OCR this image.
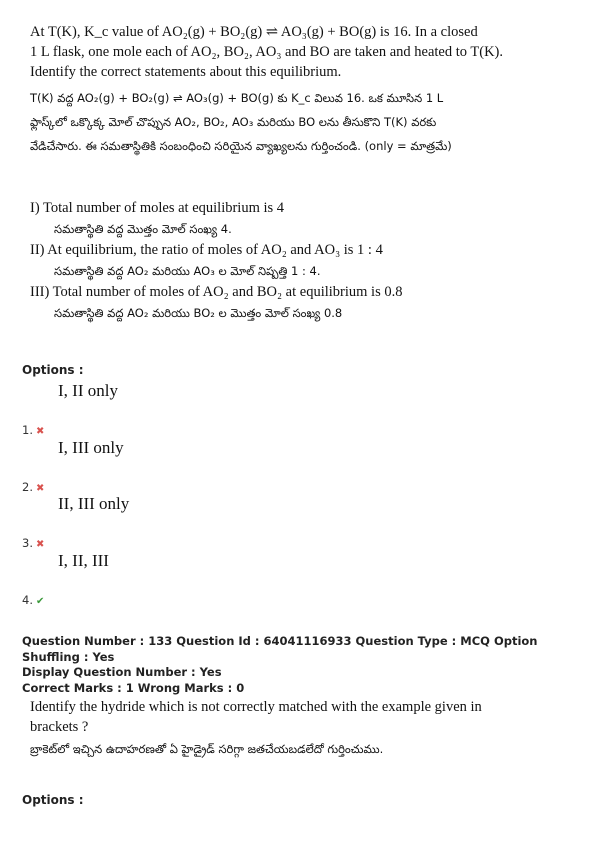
At T(K), K_c value of AO₂(g) + BO₂(g) ⇌ AO₃(g) + BO(g) is 16. In a closed

1 L flask, one mole each of AO₂, BO₂, AO₃ and BO are taken and heated to T(K).

Identify the correct statements about this equilibrium.

T(K) వద్ద AO₂(g) + BO₂(g) ⇌ AO₃(g) + BO(g) కు K_c విలువ 16. ఒక మూసిన 1 L

ఫ్లాస్క్‌లో ఒక్కొక్క మోల్ చొప్పున AO₂, BO₂, AO₃ మరియు BO లను తీసుకొని T(K) వరకు

వేడిచేసారు. ఈ సమతాస్థితికి సంబంధించి సరియైన వ్యాఖ్యలను గుర్తించండి. (only = మాత్రమే)

I) Total number of moles at equilibrium is 4

సమతాస్థితి వద్ద మొత్తం మోల్ సంఖ్య 4.

II) At equilibrium, the ratio of moles of AO₂ and AO₃ is 1 : 4

సమతాస్థితి వద్ద AO₂ మరియు AO₃ ల మోల్ నిష్పత్తి 1 : 4.

III) Total number of moles of AO₂ and BO₂ at equilibrium is 0.8

సమతాస్థితి వద్ద AO₂ మరియు BO₂ ల మొత్తం మోల్ సంఖ్య 0.8

Options :
I, II only
1. ✖
I, III only
2. ✖
II, III only
3. ✖
I, II, III
4. ✔

Question Number : 133 Question Id : 64041116933 Question Type : MCQ Option Shuffling : Yes

Display Question Number : Yes

Correct Marks : 1 Wrong Marks : 0

Identify the hydride which is not correctly matched with the example given in

brackets ?

బ్రాకెట్‌లో ఇచ్చిన ఉదాహరణతో ఏ హైడ్రైడ్ సరిగ్గా జతచేయబడలేదో గుర్తించుము.

Options :
